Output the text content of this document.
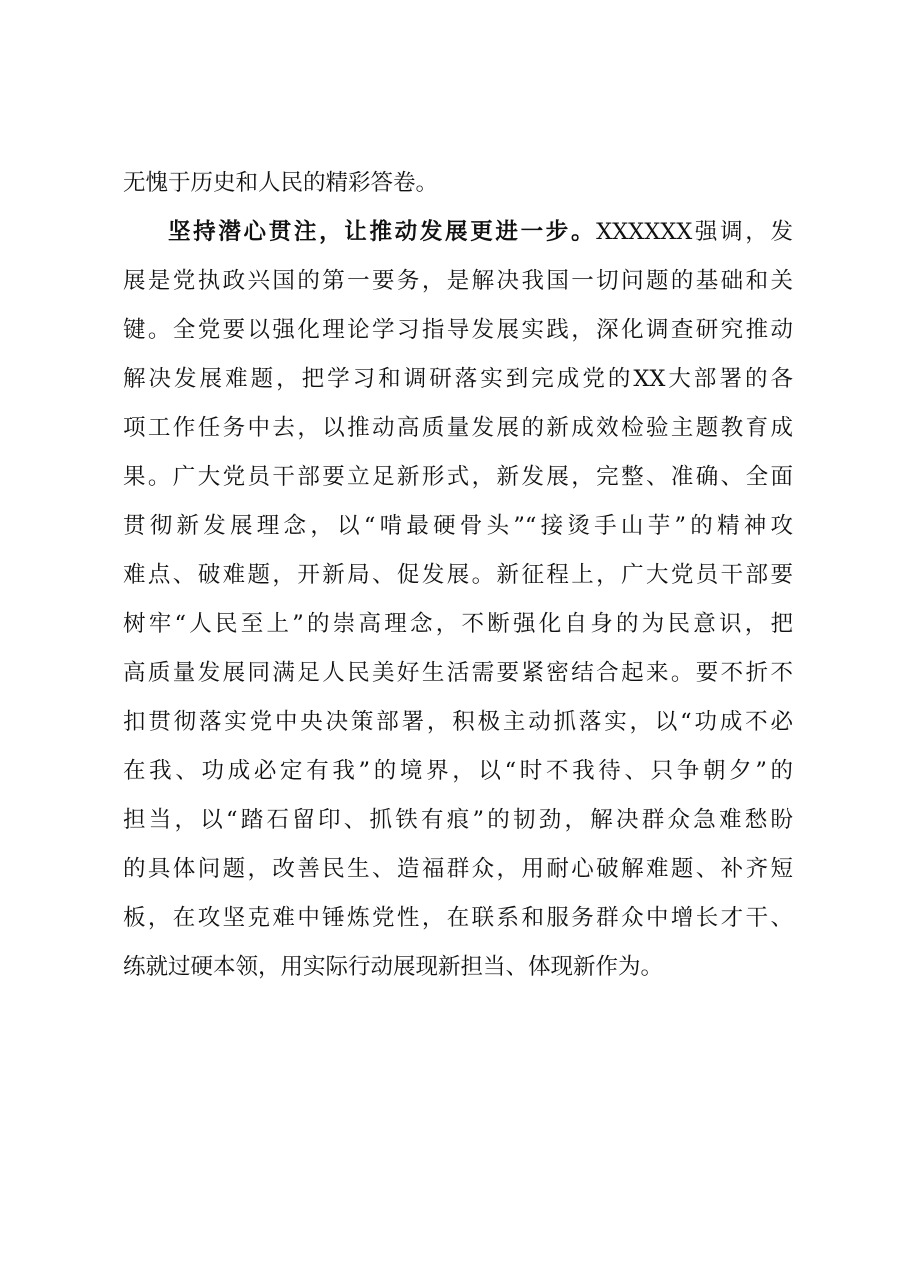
无愧于历史和人民的精彩答卷。
坚持潜心贯注，让推动发展更进一步。XXXXXX强调，发
展是党执政兴国的第一要务，是解决我国一切问题的基础和关
键。全党要以强化理论学习指导发展实践，深化调查研究推动
解决发展难题，把学习和调研落实到完成党的XX大部署的各
项工作任务中去，以推动高质量发展的新成效检验主题教育成
果。广大党员干部要立足新形式，新发展，完整、准确、全面
贯彻新发展理念，以“啃最硬骨头”“接烫手山芋”的精神攻
难点、破难题，开新局、促发展。新征程上，广大党员干部要
树牢“人民至上”的崇高理念，不断强化自身的为民意识，把
高质量发展同满足人民美好生活需要紧密结合起来。要不折不
扣贯彻落实党中央决策部署，积极主动抓落实，以“功成不必
在我、功成必定有我”的境界，以“时不我待、只争朝夕”的
担当，以“踏石留印、抓铁有痕”的韧劲，解决群众急难愁盼
的具体问题，改善民生、造福群众，用耐心破解难题、补齐短
板，在攻坚克难中锤炼党性，在联系和服务群众中增长才干、
练就过硬本领，用实际行动展现新担当、体现新作为。
